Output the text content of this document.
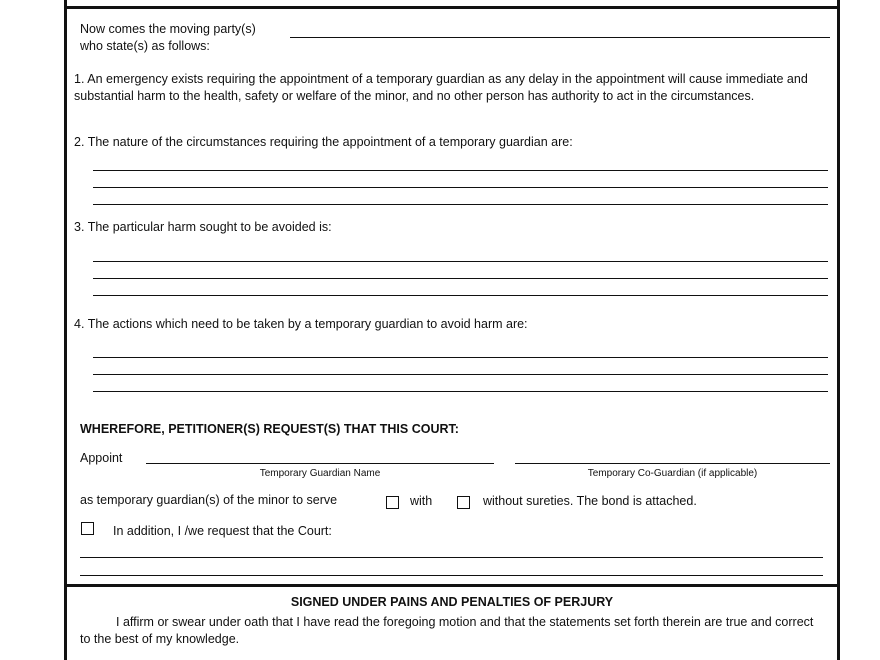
Now comes the moving party(s)
who state(s) as follows:
1. An emergency exists requiring the appointment of a temporary guardian as any delay in the appointment will cause immediate and substantial harm to the health, safety or welfare of the minor, and no other person has authority to act in the circumstances.
2. The nature of the circumstances requiring the appointment of a temporary guardian are:
3. The particular harm sought to be avoided is:
4. The actions which need to be taken by a temporary guardian to avoid harm are:
WHEREFORE, PETITIONER(S) REQUEST(S) THAT THIS COURT:
Appoint
Temporary Guardian Name	Temporary Co-Guardian (if applicable)
as temporary guardian(s) of the minor to serve	with	without sureties. The bond is attached.
In addition, I /we request that the Court:
SIGNED UNDER PAINS AND PENALTIES OF PERJURY
I affirm or swear under oath that I have read the foregoing motion and that the statements set forth therein are true and correct to the best of my knowledge.
